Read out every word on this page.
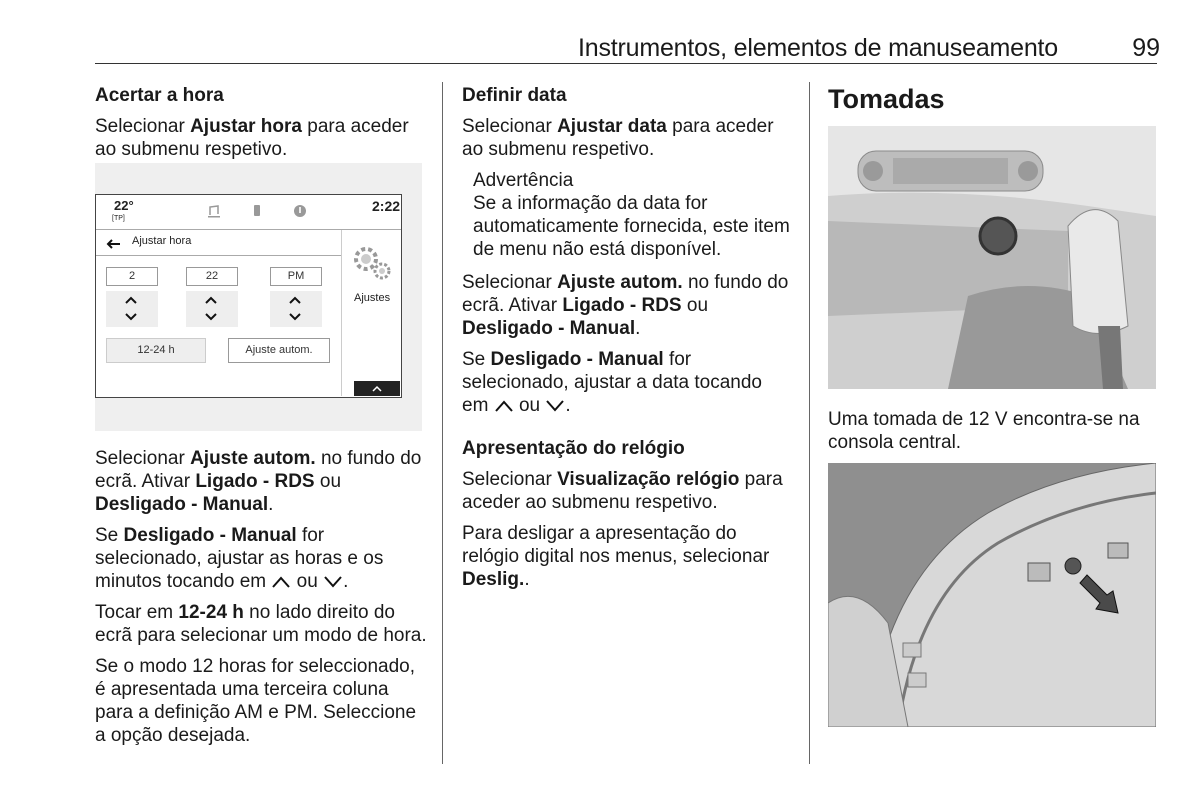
Instrumentos, elementos de manuseamento	99

Acertar a hora

Selecionar Ajustar hora para aceder ao submenu respetivo.

22°
[TP]
2:22
Ajustar hora
2	22	PM
12-24 h	Ajuste autom.
Ajustes

Selecionar Ajuste autom. no fundo do ecrã. Ativar Ligado - RDS ou Desligado - Manual.

Se Desligado - Manual for selecionado, ajustar as horas e os minutos tocando em  ou .

Tocar em 12-24 h no lado direito do ecrã para selecionar um modo de hora.

Se o modo 12 horas for seleccionado, é apresentada uma terceira coluna para a definição AM e PM. Seleccione a opção desejada.

Definir data

Selecionar Ajustar data para aceder ao submenu respetivo.

Advertência
Se a informação da data for automaticamente fornecida, este item de menu não está disponível.

Selecionar Ajuste autom. no fundo do ecrã. Ativar Ligado - RDS ou Desligado - Manual.

Se Desligado - Manual for selecionado, ajustar a data tocando em  ou .

Apresentação do relógio

Selecionar Visualização relógio para aceder ao submenu respetivo.

Para desligar a apresentação do relógio digital nos menus, selecionar Deslig..

Tomadas

Uma tomada de 12 V encontra-se na consola central.
